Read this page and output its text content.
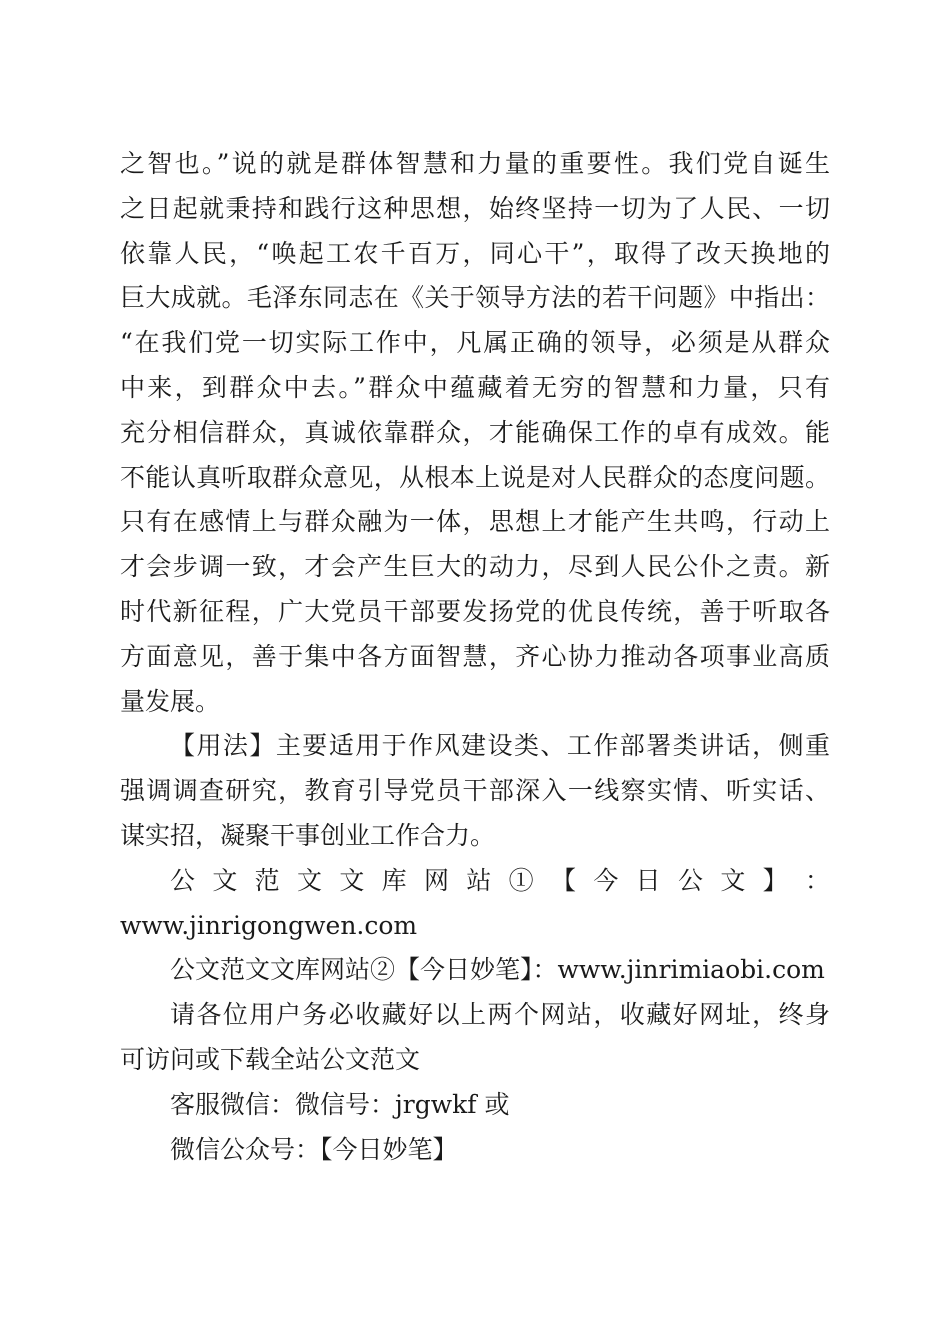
之智也。”说的就是群体智慧和力量的重要性。我们党自诞生
之日起就秉持和践行这种思想，始终坚持一切为了人民、一切
依靠人民，“唤起工农千百万，同心干”，取得了改天换地的
巨大成就。毛泽东同志在《关于领导方法的若干问题》中指出：
“在我们党一切实际工作中，凡属正确的领导，必须是从群众
中来，到群众中去。”群众中蕴藏着无穷的智慧和力量，只有
充分相信群众，真诚依靠群众，才能确保工作的卓有成效。能
不能认真听取群众意见，从根本上说是对人民群众的态度问题。
只有在感情上与群众融为一体，思想上才能产生共鸣，行动上
才会步调一致，才会产生巨大的动力，尽到人民公仆之责。新
时代新征程，广大党员干部要发扬党的优良传统，善于听取各
方面意见，善于集中各方面智慧，齐心协力推动各项事业高质
量发展。
【用法】主要适用于作风建设类、工作部署类讲话，侧重
强调调查研究，教育引导党员干部深入一线察实情、听实话、
谋实招，凝聚干事创业工作合力。
公 文 范 文 文 库 网 站 ① 【 今 日 公 文 】 ：
www.jinrigongwen.com
公文范文文库网站②【今日妙笔】：www.jinrimiaobi.com
请各位用户务必收藏好以上两个网站，收藏好网址，终身
可访问或下载全站公文范文
客服微信：微信号：jrgwkf 或
微信公众号：【今日妙笔】
